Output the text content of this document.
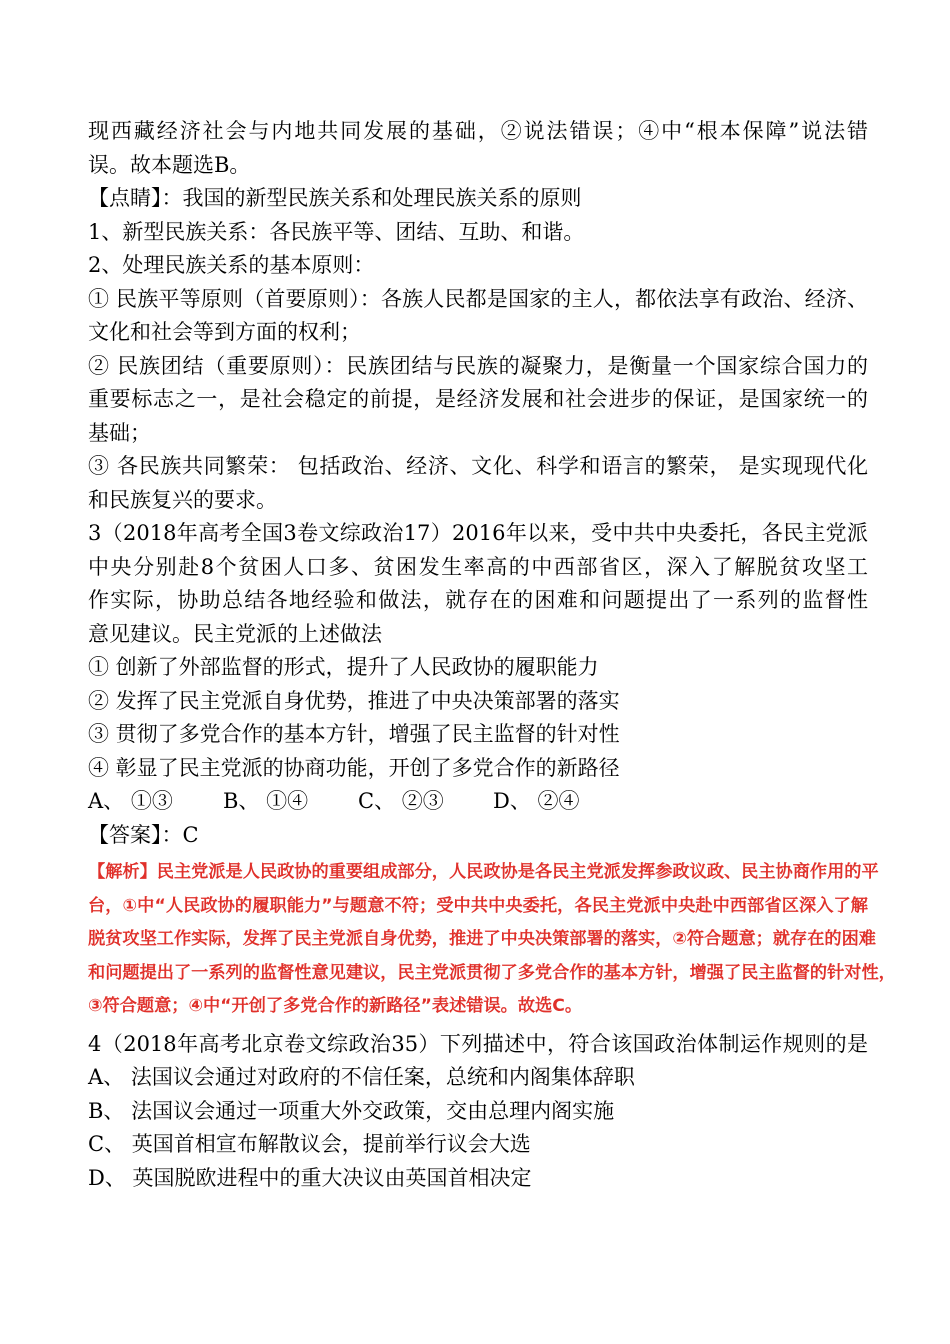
现西藏经济社会与内地共同发展的基础，②说法错误；④中“根本保障”说法错
误。故本题选B。
【点睛】：我国的新型民族关系和处理民族关系的原则
1、新型民族关系：各民族平等、团结、互助、和谐。
2、处理民族关系的基本原则：
① 民族平等原则（首要原则）：各族人民都是国家的主人，都依法享有政治、经济、
文化和社会等到方面的权利；
② 民族团结（重要原则）：民族团结与民族的凝聚力，是衡量一个国家综合国力的
重要标志之一，是社会稳定的前提，是经济发展和社会进步的保证，是国家统一的
基础；
③ 各民族共同繁荣： 包括政治、经济、文化、科学和语言的繁荣， 是实现现代化
和民族复兴的要求。
3（2018年高考全国3卷文综政治17）2016年以来，受中共中央委托，各民主党派
中央分别赴8个贫困人口多、贫困发生率高的中西部省区，深入了解脱贫攻坚工
作实际，协助总结各地经验和做法，就存在的困难和问题提出了一系列的监督性
意见建议。民主党派的上述做法
① 创新了外部监督的形式，提升了人民政协的履职能力
② 发挥了民主党派自身优势，推进了中央决策部署的落实
③ 贯彻了多党合作的基本方针，增强了民主监督的针对性
④ 彰显了民主党派的协商功能，开创了多党合作的新路径
A、 ①③	B、 ①④	C、 ②③	D、 ②④
【答案】：C

【解析】民主党派是人民政协的重要组成部分，人民政协是各民主党派发挥参政议政、民主协商作用的平

台，①中“人民政协的履职能力”与题意不符；受中共中央委托，各民主党派中央赴中西部省区深入了解

脱贫攻坚工作实际，发挥了民主党派自身优势，推进了中央决策部署的落实，②符合题意；就存在的困难

和问题提出了一系列的监督性意见建议，民主党派贯彻了多党合作的基本方针，增强了民主监督的针对性，

③符合题意；④中“开创了多党合作的新路径”表述错误。故选C。

4（2018年高考北京卷文综政治35）下列描述中，符合该国政治体制运作规则的是
A、 法国议会通过对政府的不信任案，总统和内阁集体辞职
B、 法国议会通过一项重大外交政策，交由总理内阁实施
C、 英国首相宣布解散议会，提前举行议会大选
D、 英国脱欧进程中的重大决议由英国首相决定
